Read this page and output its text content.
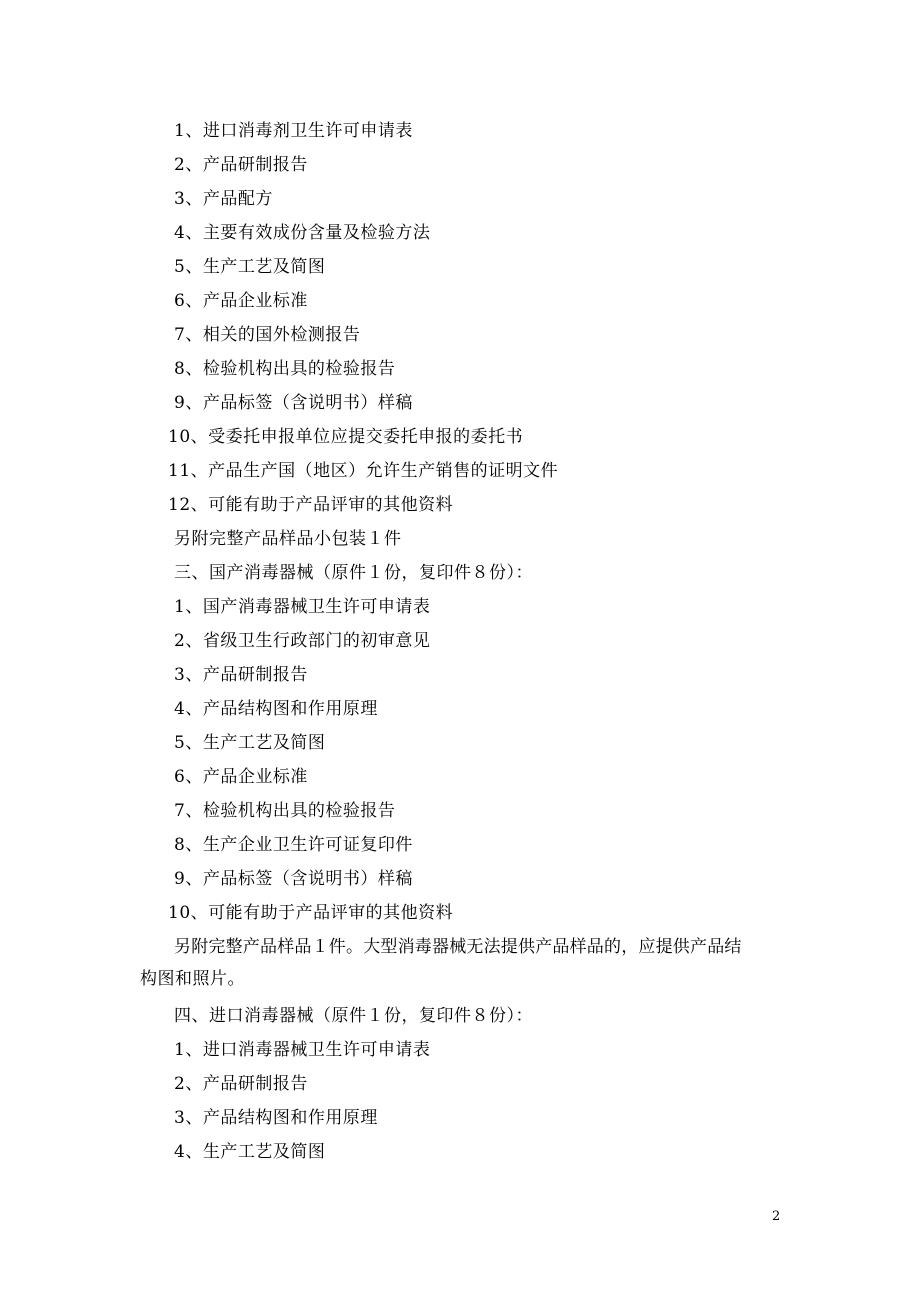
1、进口消毒剂卫生许可申请表
2、产品研制报告
3、产品配方
4、主要有效成份含量及检验方法
5、生产工艺及简图
6、产品企业标准
7、相关的国外检测报告
8、检验机构出具的检验报告
9、产品标签（含说明书）样稿
10、受委托申报单位应提交委托申报的委托书
11、产品生产国（地区）允许生产销售的证明文件
12、可能有助于产品评审的其他资料
另附完整产品样品小包装１件
三、国产消毒器械（原件１份，复印件８份）：
1、国产消毒器械卫生许可申请表
2、省级卫生行政部门的初审意见
3、产品研制报告
4、产品结构图和作用原理
5、生产工艺及简图
6、产品企业标准
7、检验机构出具的检验报告
8、生产企业卫生许可证复印件
9、产品标签（含说明书）样稿
10、可能有助于产品评审的其他资料
另附完整产品样品１件。大型消毒器械无法提供产品样品的，应提供产品结
构图和照片。
四、进口消毒器械（原件１份，复印件８份）：
1、进口消毒器械卫生许可申请表
2、产品研制报告
3、产品结构图和作用原理
4、生产工艺及简图
2
